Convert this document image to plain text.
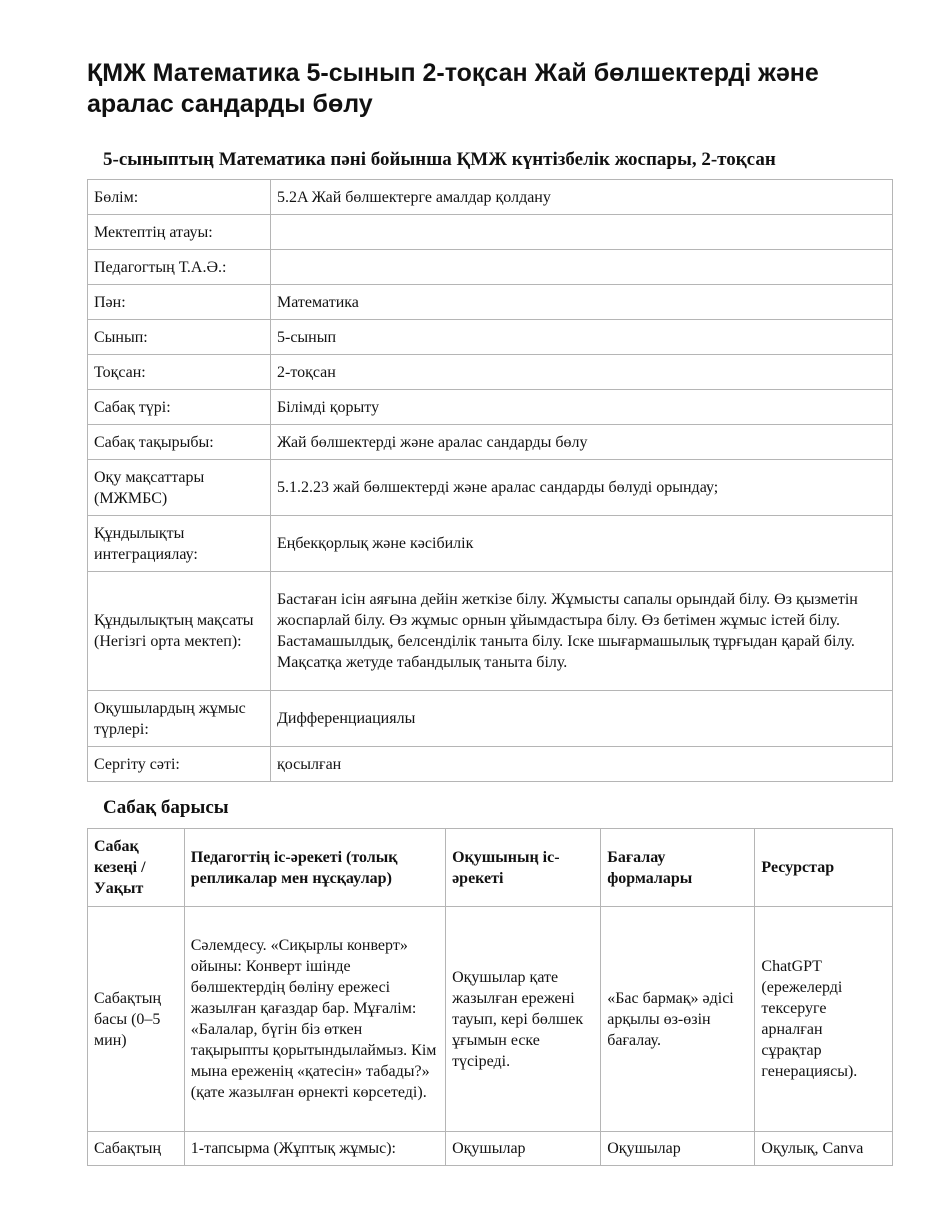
ҚМЖ Математика 5-сынып 2-тоқсан Жай бөлшектерді және аралас сандарды бөлу
5-сыныптың Математика пәні бойынша ҚМЖ күнтізбелік жоспары, 2-тоқсан
Бөлім:	5.2A Жай бөлшектерге амалдар қолдану
Мектептің атауы:	
Педагогтың Т.А.Ә.:	
Пән:	Математика
Сынып:	5-сынып
Тоқсан:	2-тоқсан
Сабақ түрі:	Білімді қорыту
Сабақ тақырыбы:	Жай бөлшектерді және аралас сандарды бөлу
Оқу мақсаттары (МЖМБС)	5.1.2.23 жай бөлшектерді және аралас сандарды бөлуді орындау;
Құндылықты интеграциялау:	Еңбекқорлық және кәсібилік
Құндылықтың мақсаты (Негізгі орта мектеп):	Бастаған ісін аяғына дейін жеткізе білу. Жұмысты сапалы орындай білу. Өз қызметін жоспарлай білу. Өз жұмыс орнын ұйымдастыра білу. Өз бетімен жұмыс істей білу. Бастамашылдық, белсенділік таныта білу. Іске шығармашылық тұрғыдан қарай білу. Мақсатқа жетуде табандылық таныта білу.
Оқушылардың жұмыс түрлері:	Дифференциациялы
Сергіту сәті:	қосылған
Сабақ барысы
Сабақ кезеңі / Уақыт	Педагогтің іс-әрекеті (толық репликалар мен нұсқаулар)	Оқушының іс-әрекеті	Бағалау формалары	Ресурстар
Сабақтың басы (0–5 мин)	Сәлемдесу. «Сиқырлы конверт» ойыны: Конверт ішінде бөлшектердің бөліну ережесі жазылған қағаздар бар. Мұғалім: «Балалар, бүгін біз өткен тақырыпты қорытындылаймыз. Кім мына ереженің «қатесін» табады?» (қате жазылған өрнекті көрсетеді).	Оқушылар қате жазылған ережені тауып, кері бөлшек ұғымын еске түсіреді.	«Бас бармақ» әдісі арқылы өз-өзін бағалау.	ChatGPT (ережелерді тексеруге арналған сұрақтар генерациясы).
Сабақтың	1-тапсырма (Жұптық жұмыс):	Оқушылар	Оқушылар	Оқулық, Canva
